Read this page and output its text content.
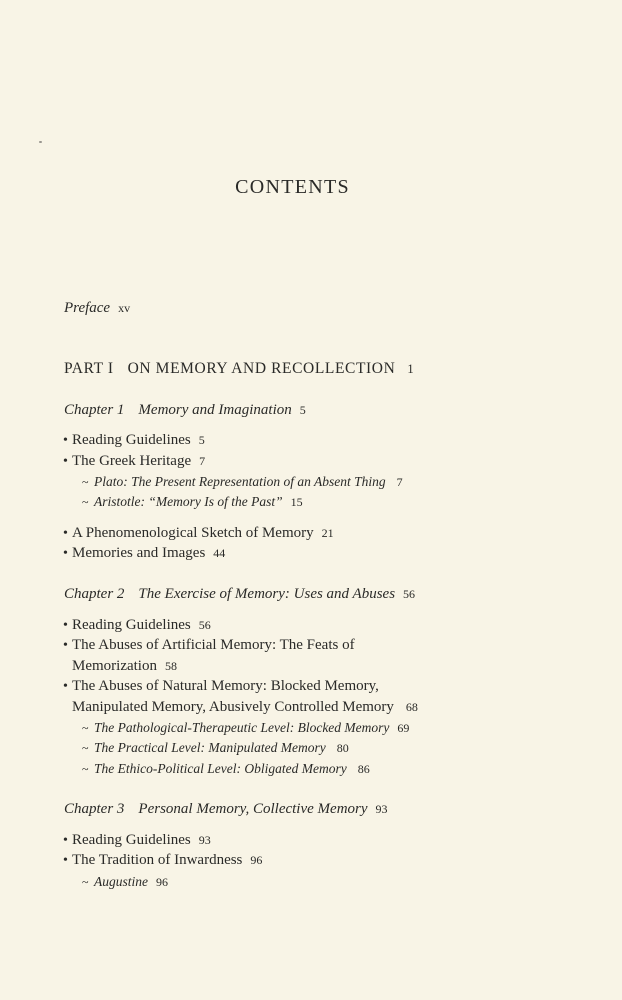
CONTENTS
Preface xv
PART I ON MEMORY AND RECOLLECTION 1
Chapter 1 Memory and Imagination 5
• Reading Guidelines 5
• The Greek Heritage 7
~ Plato: The Present Representation of an Absent Thing 7
~ Aristotle: “Memory Is of the Past” 15
• A Phenomenological Sketch of Memory 21
• Memories and Images 44
Chapter 2 The Exercise of Memory: Uses and Abuses 56
• Reading Guidelines 56
• The Abuses of Artificial Memory: The Feats of
Memorization 58
• The Abuses of Natural Memory: Blocked Memory,
Manipulated Memory, Abusively Controlled Memory 68
~ The Pathological-Therapeutic Level: Blocked Memory 69
~ The Practical Level: Manipulated Memory 80
~ The Ethico-Political Level: Obligated Memory 86
Chapter 3 Personal Memory, Collective Memory 93
• Reading Guidelines 93
• The Tradition of Inwardness 96
~ Augustine 96
